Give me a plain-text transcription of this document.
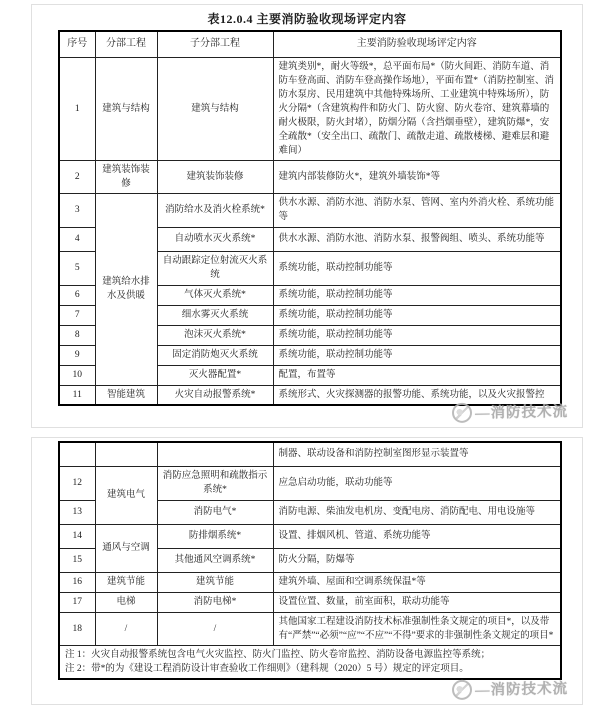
表12.0.4 主要消防验收现场评定内容
序号	分部工程	子分部工程	主要消防验收现场评定内容
1	建筑与结构	建筑与结构	建筑类别*，耐火等级*，总平面布局*（防火间距、消防车道、消防车登高面、消防车登高操作场地），平面布置*（消防控制室、消防水泵房、民用建筑中其他特殊场所、工业建筑中特殊场所），防火分隔*（含建筑构件和防火门、防火窗、防火卷帘、建筑幕墙的耐火极限，防火封堵），防烟分隔（含挡烟垂壁），建筑防爆*，安全疏散*（安全出口、疏散门、疏散走道、疏散楼梯、避难层和避难间）
2	建筑装饰装修	建筑装饰装修	建筑内部装修防火*，建筑外墙装饰*等
3	建筑给水排水及供暖	消防给水及消火栓系统*	供水水源、消防水池、消防水泵、管网、室内外消火栓、系统功能等
4		自动喷水灭火系统*	供水水源、消防水池、消防水泵、报警阀组、喷头、系统功能等
5		自动跟踪定位射流灭火系统	系统功能，联动控制功能等
6		气体灭火系统*	系统功能，联动控制功能等
7		细水雾灭火系统	系统功能，联动控制功能等
8		泡沫灭火系统*	系统功能，联动控制功能等
9		固定消防炮灭火系统	系统功能，联动控制功能等
10		灭火器配置*	配置，布置等
11	智能建筑	火灾自动报警系统*	系统形式、火灾探测器的报警功能、系统功能，以及火灾报警控
			制器、联动设备和消防控制室图形显示装置等
12	建筑电气	消防应急照明和疏散指示系统*	应急启动功能，联动功能等
13		消防电气*	消防电源、柴油发电机房、变配电房、消防配电、用电设施等
14	通风与空调	防排烟系统*	设置、排烟风机、管道、系统功能等
15		其他通风空调系统*	防火分隔，防爆等
16	建筑节能	建筑节能	建筑外墙、屋面和空调系统保温*等
17	电梯	消防电梯*	设置位置、数量，前室面积，联动功能等
18	/	/	其他国家工程建设消防技术标准强制性条文规定的项目*，以及带有“严禁”“必须”“应”“不应”“不得”要求的非强制性条文规定的项目*

注 1：火灾自动报警系统包含电气火灾监控、防火门监控、防火卷帘监控、消防设备电源监控等系统；
注 2：带*的为《建设工程消防设计审查验收工作细则》（建科规（2020）5 号）规定的评定项目。			
—消防技术流
—消防技术流
